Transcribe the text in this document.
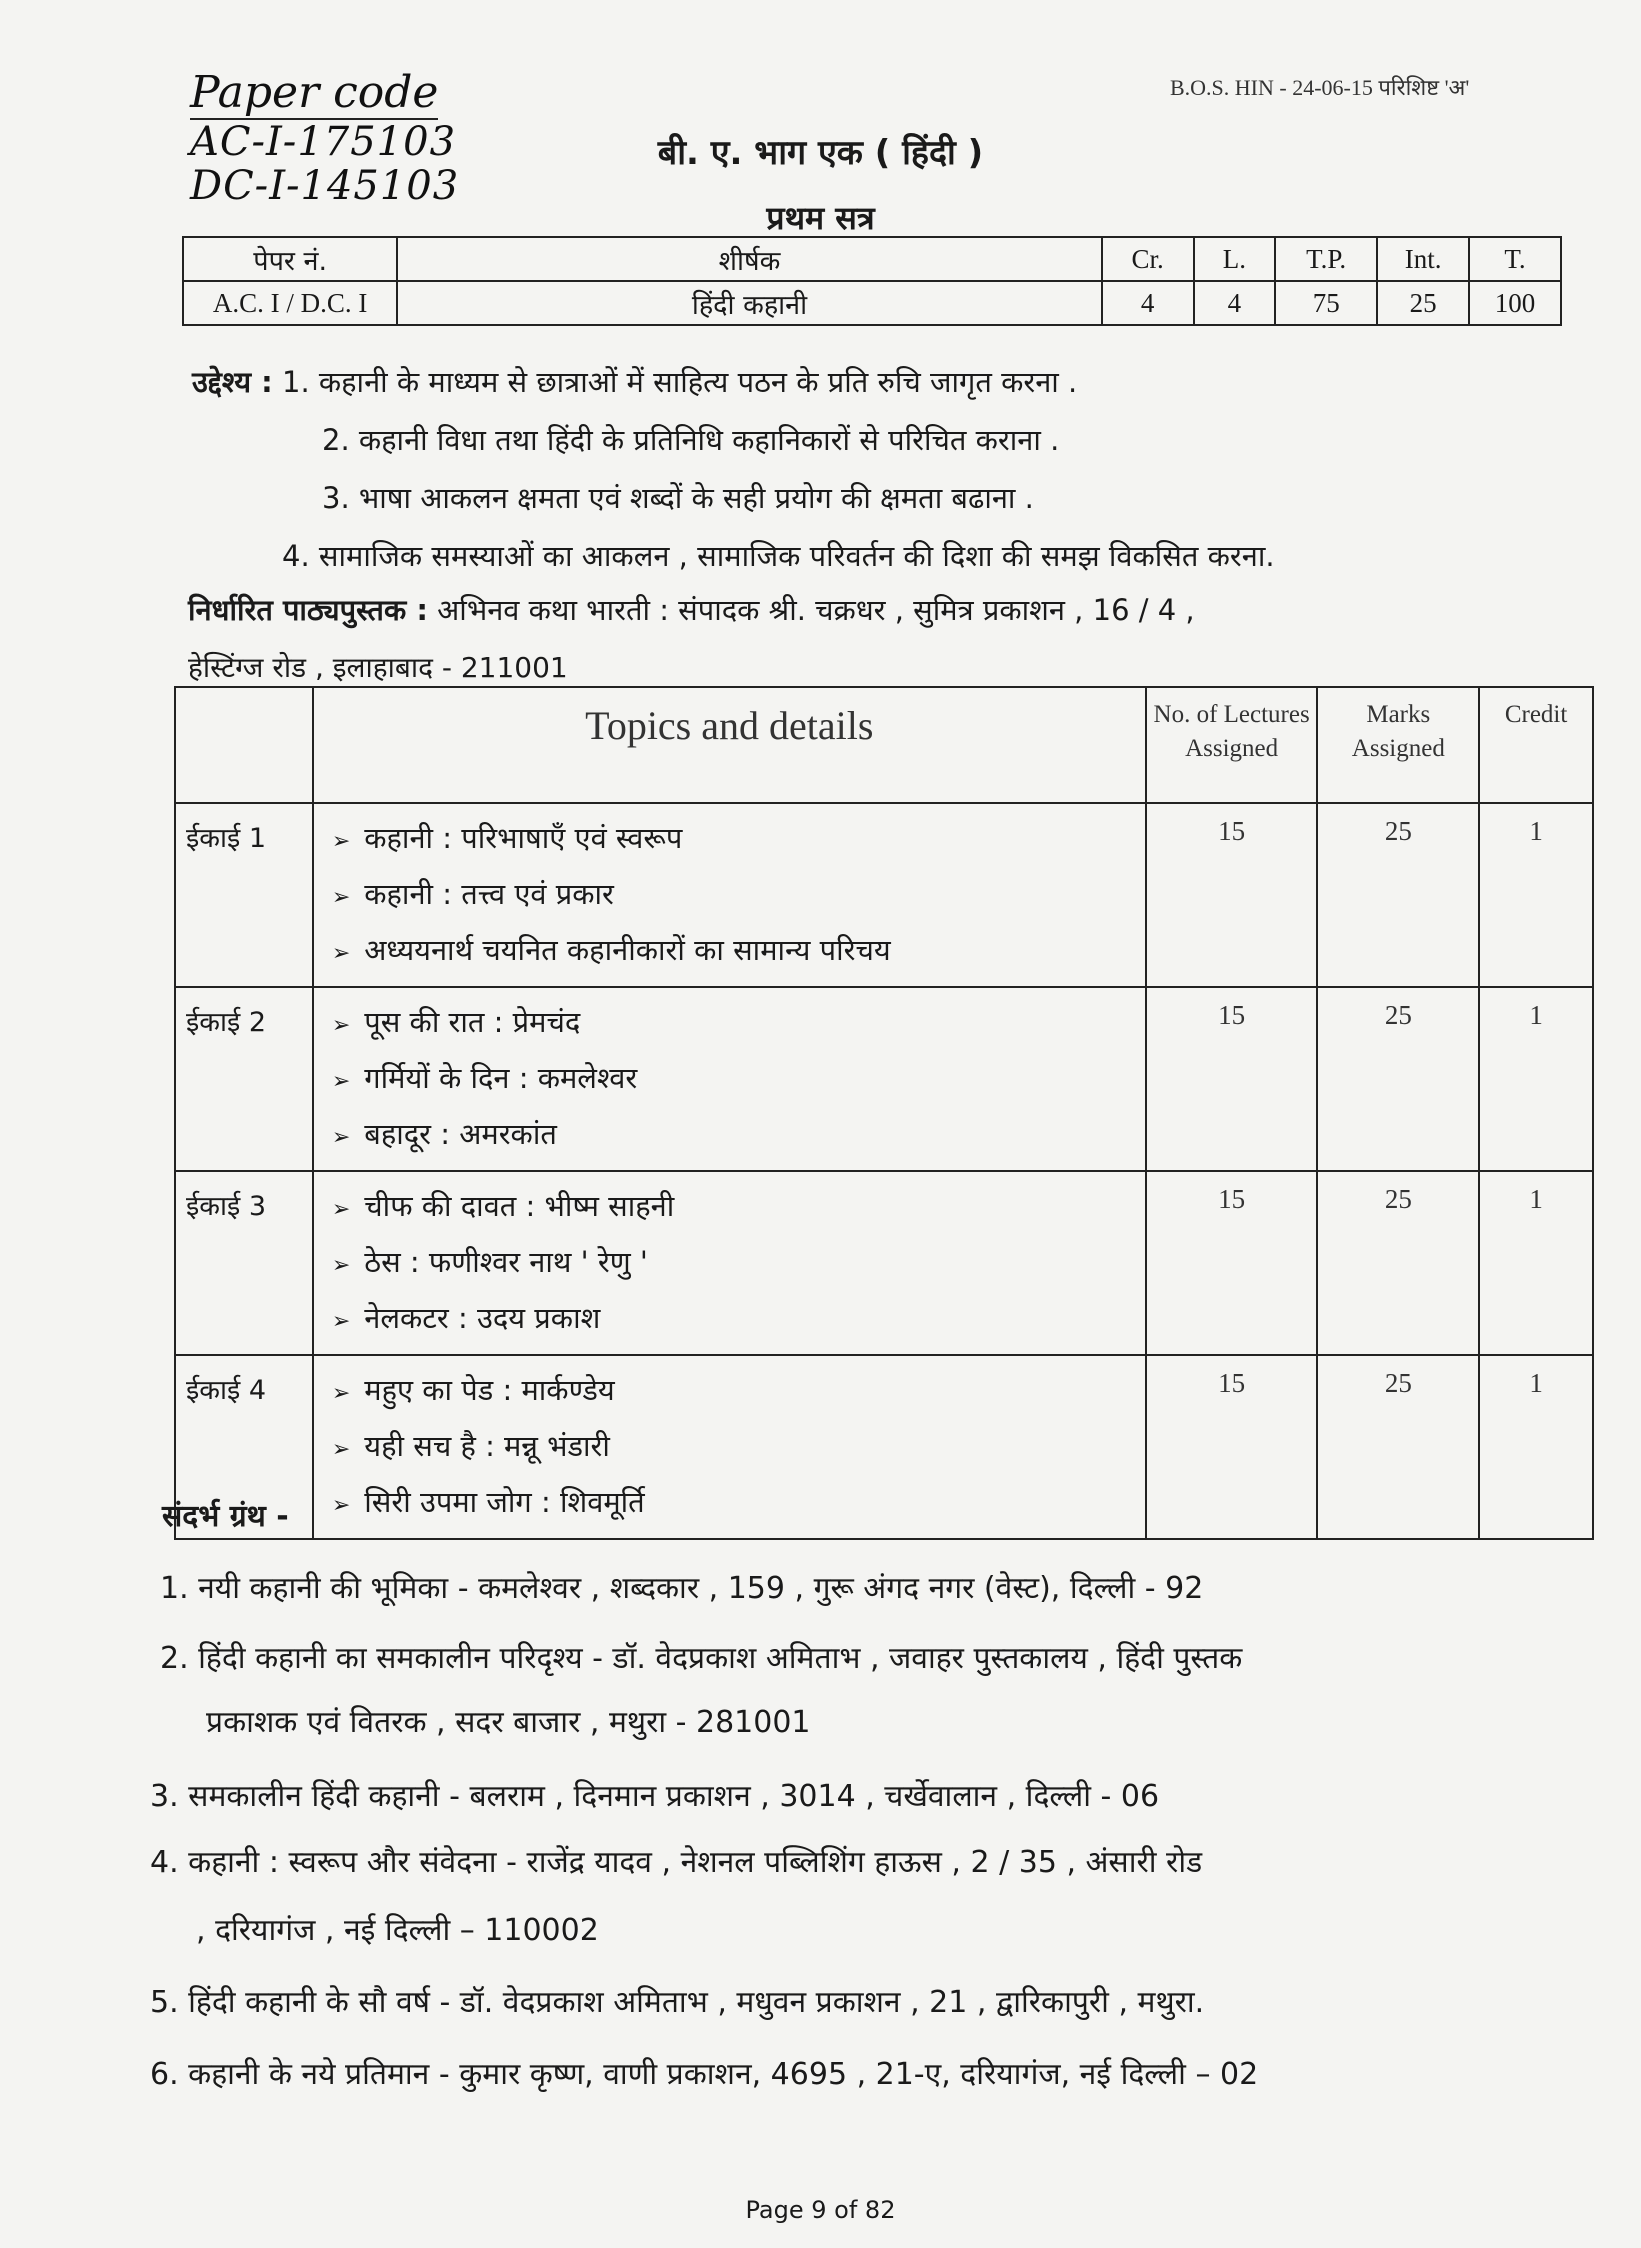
B.O.S. HIN - 24-06-15 परिशिष्ट 'अ'
Paper code
AC-I-175103
DC-I-145103
बी. ए. भाग एक ( हिंदी )
प्रथम सत्र
पेपर नं.	शीर्षक	Cr.	L.	T.P.	Int.	T.
A.C. I / D.C. I	हिंदी कहानी	4	4	75	25	100
उद्देश्य : 1. कहानी के माध्यम से छात्राओं में साहित्य पठन के प्रति रुचि जागृत करना .
2. कहानी विधा तथा हिंदी के प्रतिनिधि कहानिकारों से परिचित कराना .
3. भाषा आकलन क्षमता एवं शब्दों के सही प्रयोग की क्षमता बढाना .
4. सामाजिक समस्याओं का आकलन , सामाजिक परिवर्तन की दिशा की समझ विकसित करना.
निर्धारित पाठ्यपुस्तक : अभिनव कथा भारती : संपादक श्री. चक्रधर , सुमित्र प्रकाशन , 16 / 4 ,
हेस्टिंग्ज रोड , इलाहाबाद - 211001
	Topics and details	No. of Lectures Assigned	Marks Assigned	Credit
ईकाई 1	➢ कहानी : परिभाषाएँ एवं स्वरूप
➢ कहानी : तत्त्व एवं प्रकार
➢ अध्ययनार्थ चयनित कहानीकारों का सामान्य परिचय	15	25	1
ईकाई 2	➢ पूस की रात : प्रेमचंद
➢ गर्मियों के दिन : कमलेश्वर
➢ बहादूर : अमरकांत	15	25	1
ईकाई 3	➢ चीफ की दावत : भीष्म साहनी
➢ ठेस : फणीश्वर नाथ ' रेणु '
➢ नेलकटर : उदय प्रकाश	15	25	1
ईकाई 4	➢ महुए का पेड : मार्कण्डेय
➢ यही सच है : मन्नू भंडारी
➢ सिरी उपमा जोग : शिवमूर्ति	15	25	1
संदर्भ ग्रंथ -
1. नयी कहानी की भूमिका - कमलेश्वर , शब्दकार , 159 , गुरू अंगद नगर (वेस्ट), दिल्ली - 92
2. हिंदी कहानी का समकालीन परिदृश्य - डॉ. वेदप्रकाश अमिताभ , जवाहर पुस्तकालय , हिंदी पुस्तक
प्रकाशक एवं वितरक , सदर बाजार , मथुरा - 281001
3. समकालीन हिंदी कहानी - बलराम , दिनमान प्रकाशन , 3014 , चर्खेवालान , दिल्ली - 06
4. कहानी : स्वरूप और संवेदना - राजेंद्र यादव , नेशनल पब्लिशिंग हाऊस , 2 / 35 , अंसारी रोड
, दरियागंज , नई दिल्ली – 110002
5. हिंदी कहानी के सौ वर्ष - डॉ. वेदप्रकाश अमिताभ , मधुवन प्रकाशन , 21 , द्वारिकापुरी , मथुरा.
6. कहानी के नये प्रतिमान - कुमार कृष्ण, वाणी प्रकाशन, 4695 , 21-ए, दरियागंज, नई दिल्ली – 02
Page 9 of 82
